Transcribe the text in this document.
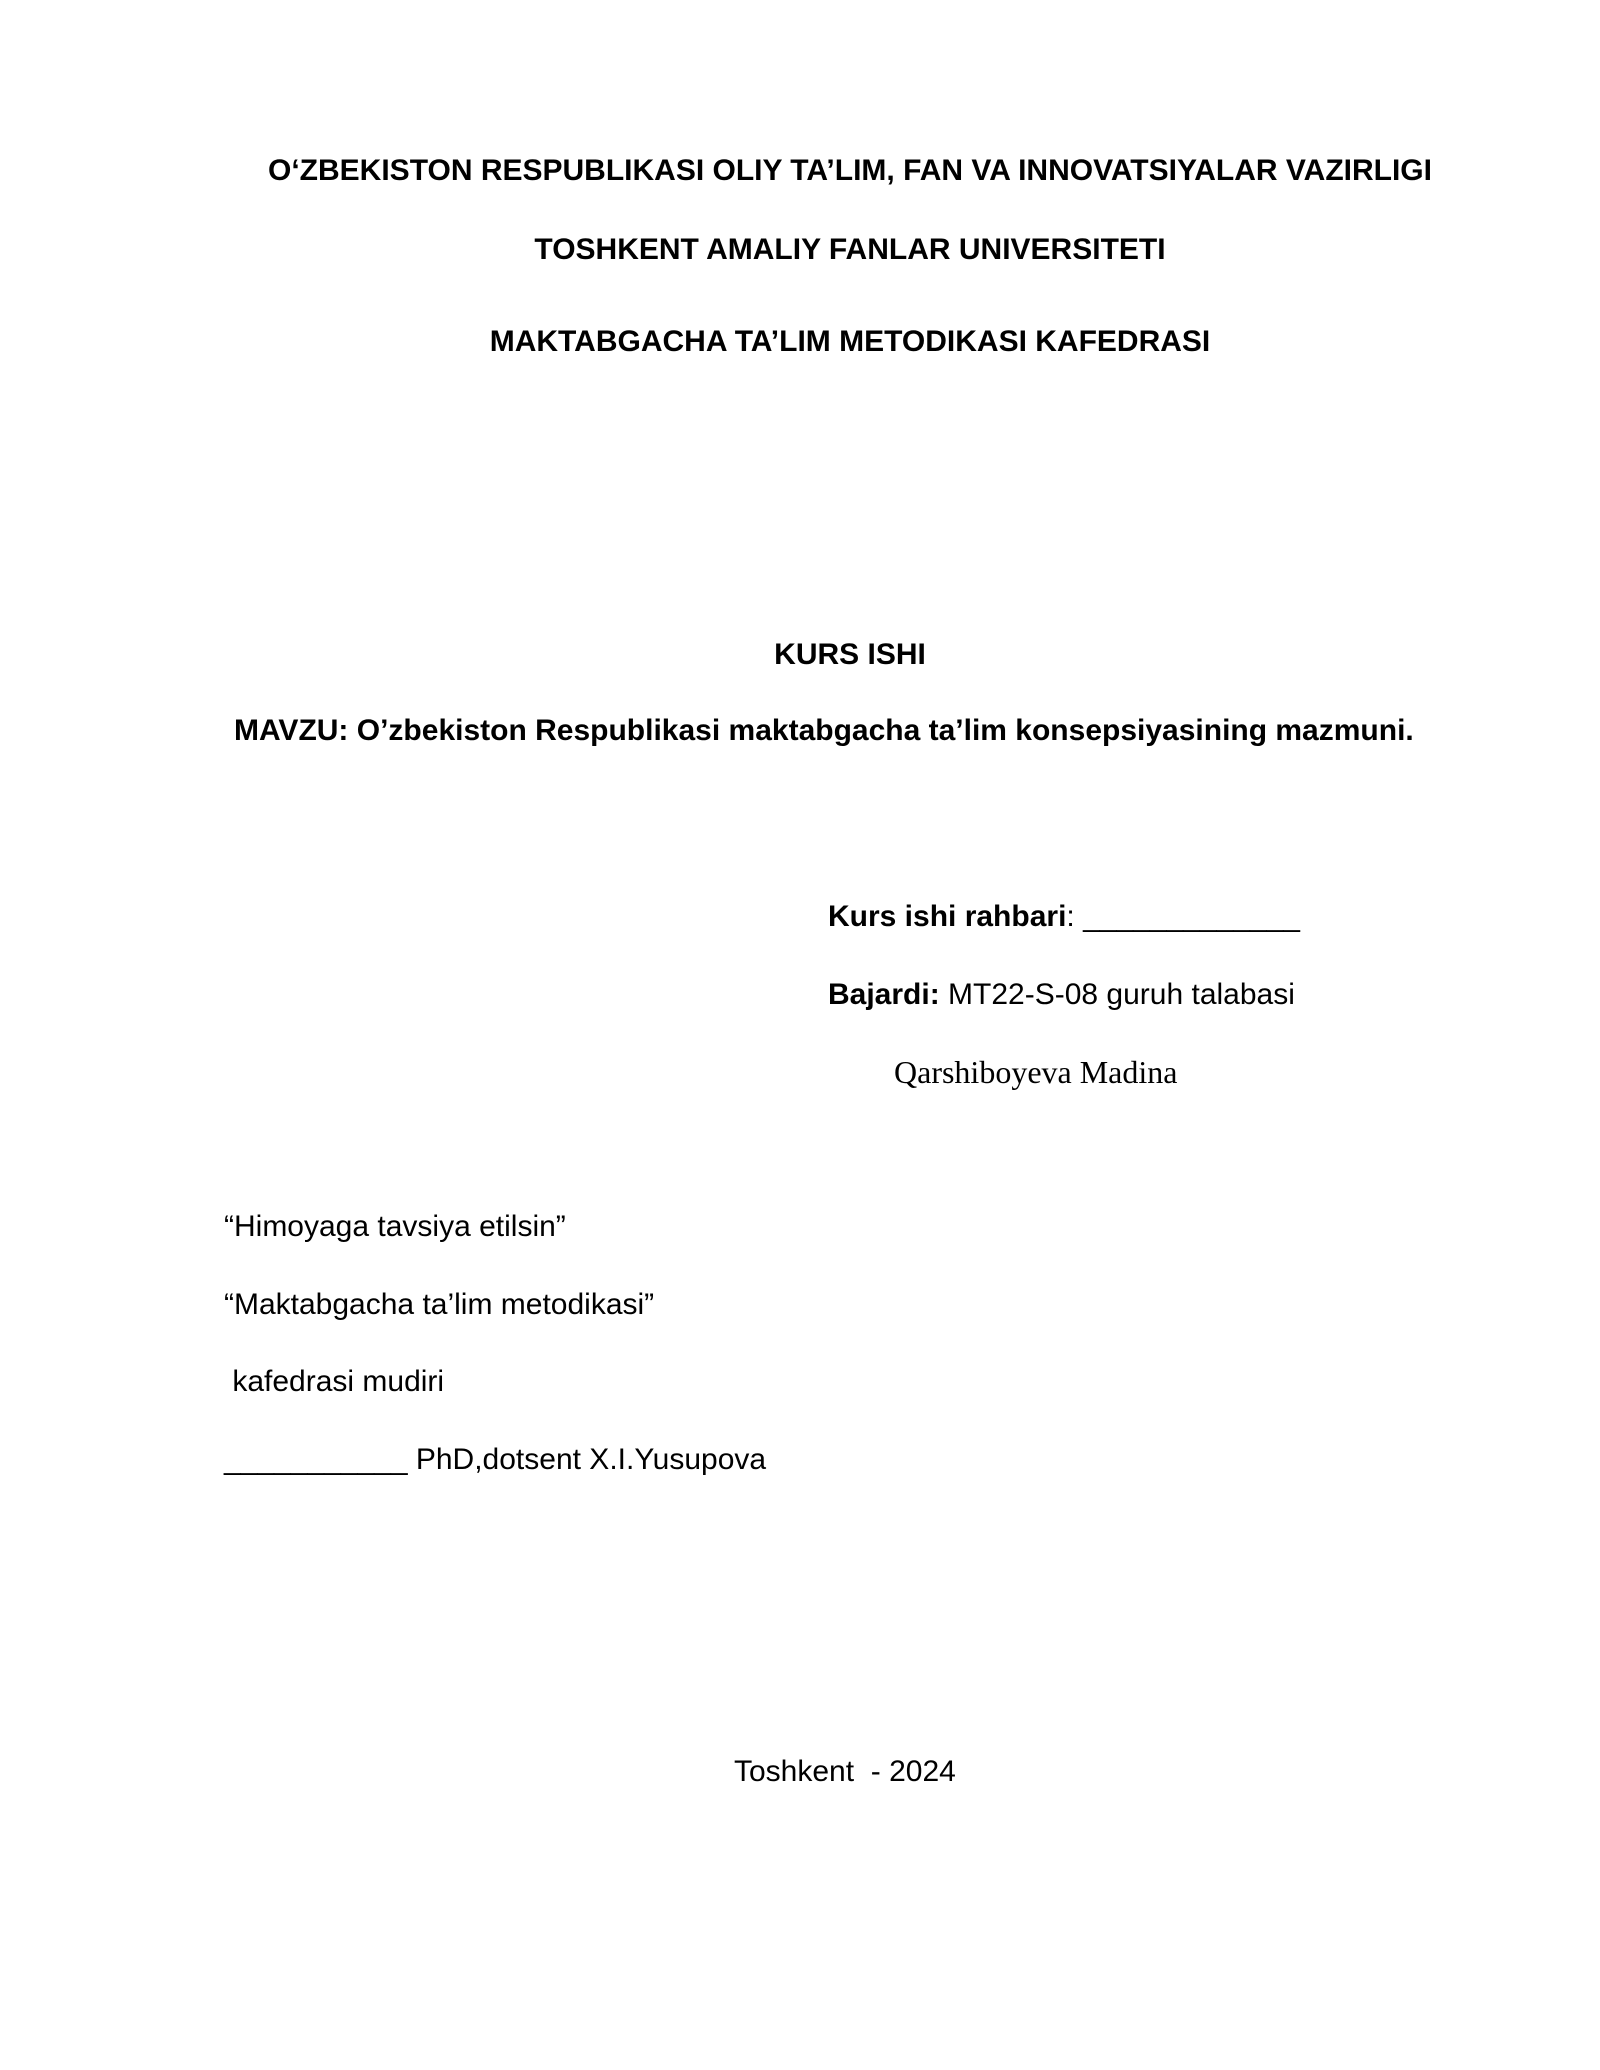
O‘ZBEKISTON RESPUBLIKASI OLIY TA’LIM, FAN VA INNOVATSIYALAR VAZIRLIGI
TOSHKENT AMALIY FANLAR UNIVERSITETI
MAKTABGACHA TA’LIM METODIKASI KAFEDRASI
KURS ISHI
MAVZU: O’zbekiston Respublikasi maktabgacha ta’lim konsepsiyasining mazmuni.
Kurs ishi rahbari: _____________
Bajardi: MT22-S-08 guruh talabasi
Qarshiboyeva Madina
“Himoyaga tavsiya etilsin”
“Maktabgacha ta’lim metodikasi”
kafedrasi mudiri
___________ PhD,dotsent X.I.Yusupova
Toshkent  - 2024
